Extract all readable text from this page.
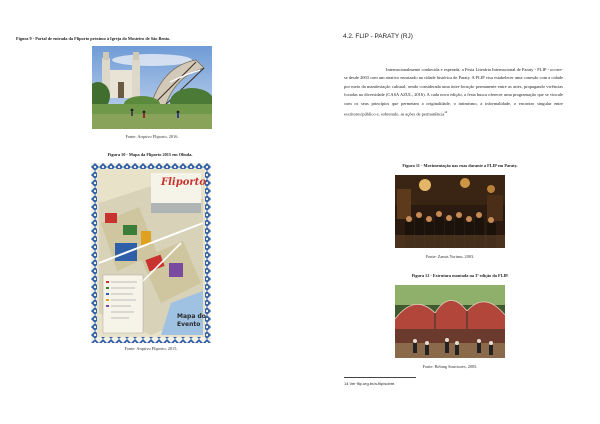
Figura 9 - Portal de entrada da Fliporto próximo à Igreja do Mosteiro de São Bento.
Fonte: Arquivo Fliporto, 2016.
Figura 10 - Mapa da Fliporto 2015 em Olinda.
Fliporto
Mapa do
Evento
Fonte: Arquivo Fliporto, 2015.
4.2. FLIP - PARATY (RJ)
Internacionalmente conhecida e esperada, a Festa Literária Internacional de Paraty - FLIP - ocorre-se desde 2003 com um atrativo enraizado na cidade histórica de Paraty. A FLIP visa estabelecer uma conexão com a cidade por meio da manifestação cultural, sendo considerada uma inter-locução permanente entre as artes, propagando vivências focadas na diversidade (CASA AZUL, 2016). A cada nova edição, a festa busca oferecer uma programação que se vincule com os seus princípios que permeiam a originalidade, o intimismo, a informalidade, o encontro singular entre escritores/público e, sobretudo, as ações de permanência$^{14}$
Figura 11 - Movimentação nas ruas durante a FLIP em Paraty.
Fonte: Zamis Yorimu, 2003.
Figura 12 - Estrutura montada na 3ª edição da FLIP.
Fonte: Bebing Structures, 2005.
14 Ver flip.org.br/a-flip/sobre.
